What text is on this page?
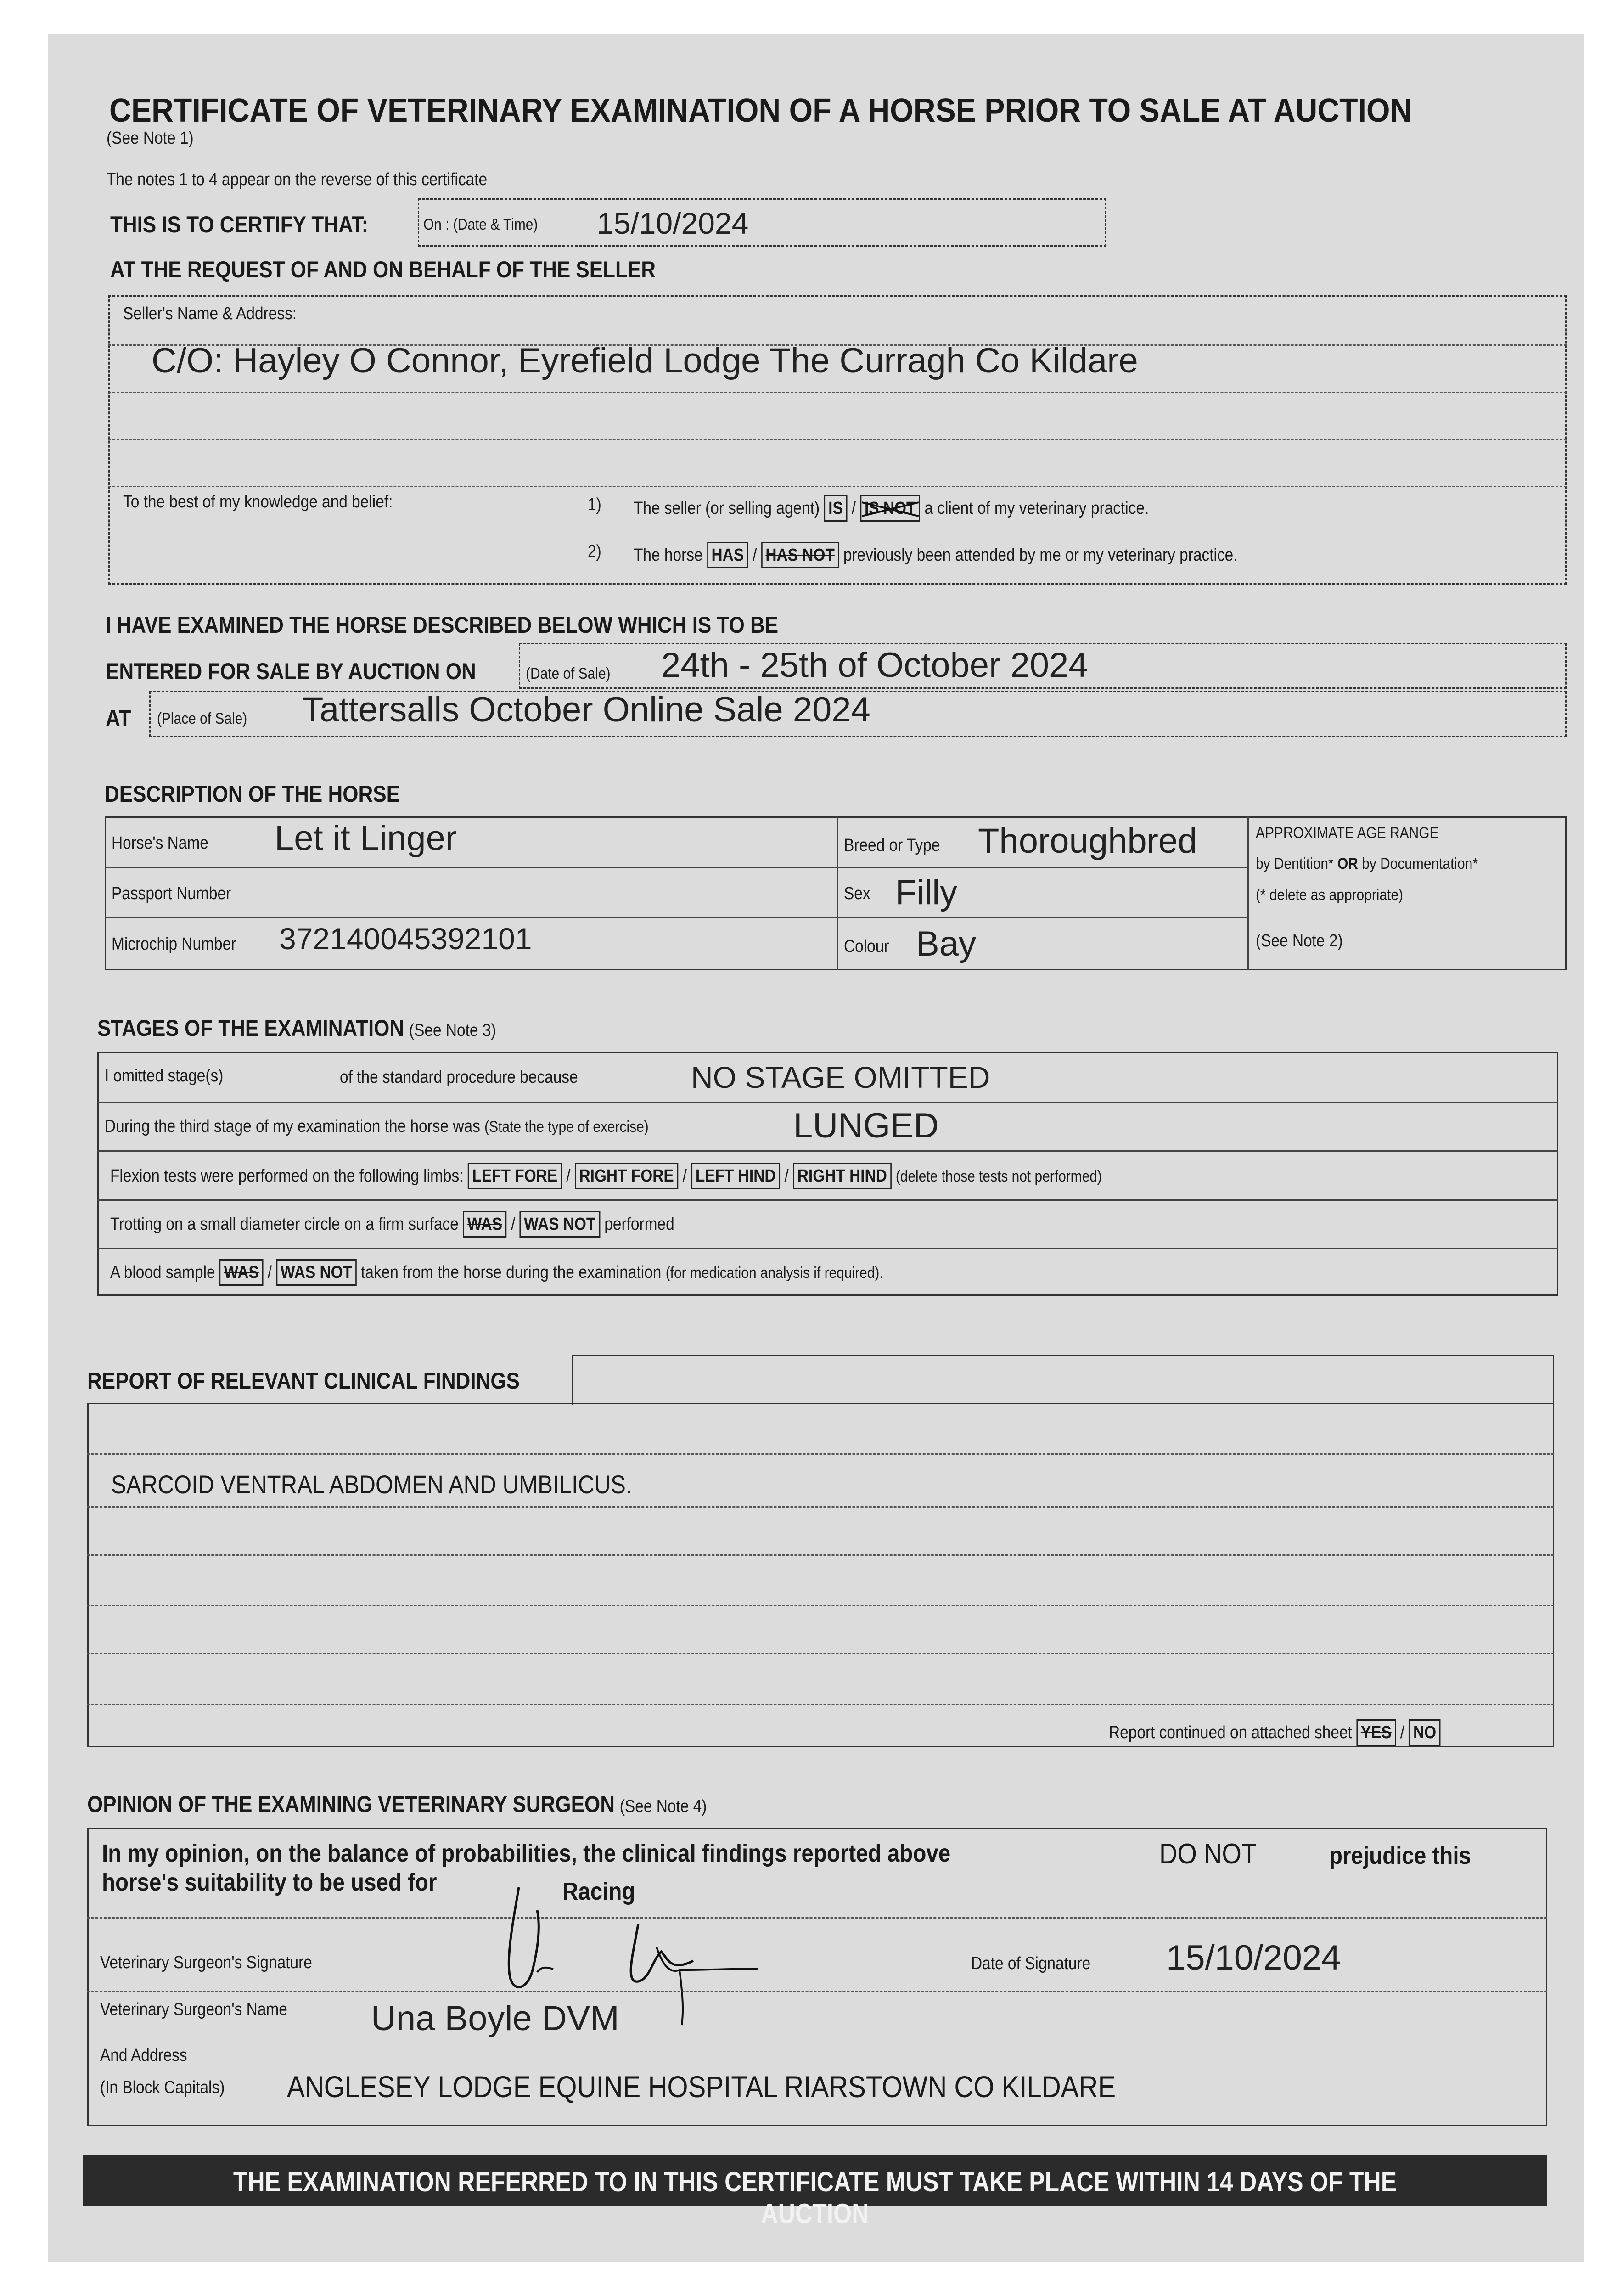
CERTIFICATE OF VETERINARY EXAMINATION OF A HORSE PRIOR TO SALE AT AUCTION
(See Note 1)
The notes 1 to 4 appear on the reverse of this certificate
THIS IS TO CERTIFY THAT:	On : (Date & Time) 15/10/2024
AT THE REQUEST OF AND ON BEHALF OF THE SELLER
Seller's Name & Address:
C/O: Hayley O Connor, Eyrefield Lodge The Curragh Co Kildare
To the best of my knowledge and belief:	1) The seller (or selling agent) IS / IS NOT a client of my veterinary practice.
2) The horse HAS / HAS NOT previously been attended by me or my veterinary practice.
I HAVE EXAMINED THE HORSE DESCRIBED BELOW WHICH IS TO BE
ENTERED FOR SALE BY AUCTION ON	(Date of Sale) 24th - 25th of October 2024
AT (Place of Sale) Tattersalls October Online Sale 2024
DESCRIPTION OF THE HORSE
Horse's Name Let it Linger
Passport Number
Microchip Number 372140045392101
Breed or Type Thoroughbred
Sex Filly
Colour Bay
APPROXIMATE AGE RANGE
by Dentition* OR by Documentation*
(* delete as appropriate)
(See Note 2)
STAGES OF THE EXAMINATION (See Note 3)
I omitted stage(s)	of the standard procedure because	NO STAGE OMITTED
During the third stage of my examination the horse was (State the type of exercise)	LUNGED
Flexion tests were performed on the following limbs: LEFT FORE / RIGHT FORE / LEFT HIND / RIGHT HIND (delete those tests not performed)
Trotting on a small diameter circle on a firm surface WAS / WAS NOT performed
A blood sample WAS / WAS NOT taken from the horse during the examination (for medication analysis if required).
REPORT OF RELEVANT CLINICAL FINDINGS
SARCOID VENTRAL ABDOMEN AND UMBILICUS.
Report continued on attached sheet YES / NO
OPINION OF THE EXAMINING VETERINARY SURGEON (See Note 4)
In my opinion, on the balance of probabilities, the clinical findings reported above	DO NOT	prejudice this
horse's suitability to be used for	Racing
Veterinary Surgeon's Signature	Date of Signature 15/10/2024
Veterinary Surgeon's Name Una Boyle DVM
And Address
(In Block Capitals) ANGLESEY LODGE EQUINE HOSPITAL RIARSTOWN CO KILDARE
THE EXAMINATION REFERRED TO IN THIS CERTIFICATE MUST TAKE PLACE WITHIN 14 DAYS OF THE AUCTION
